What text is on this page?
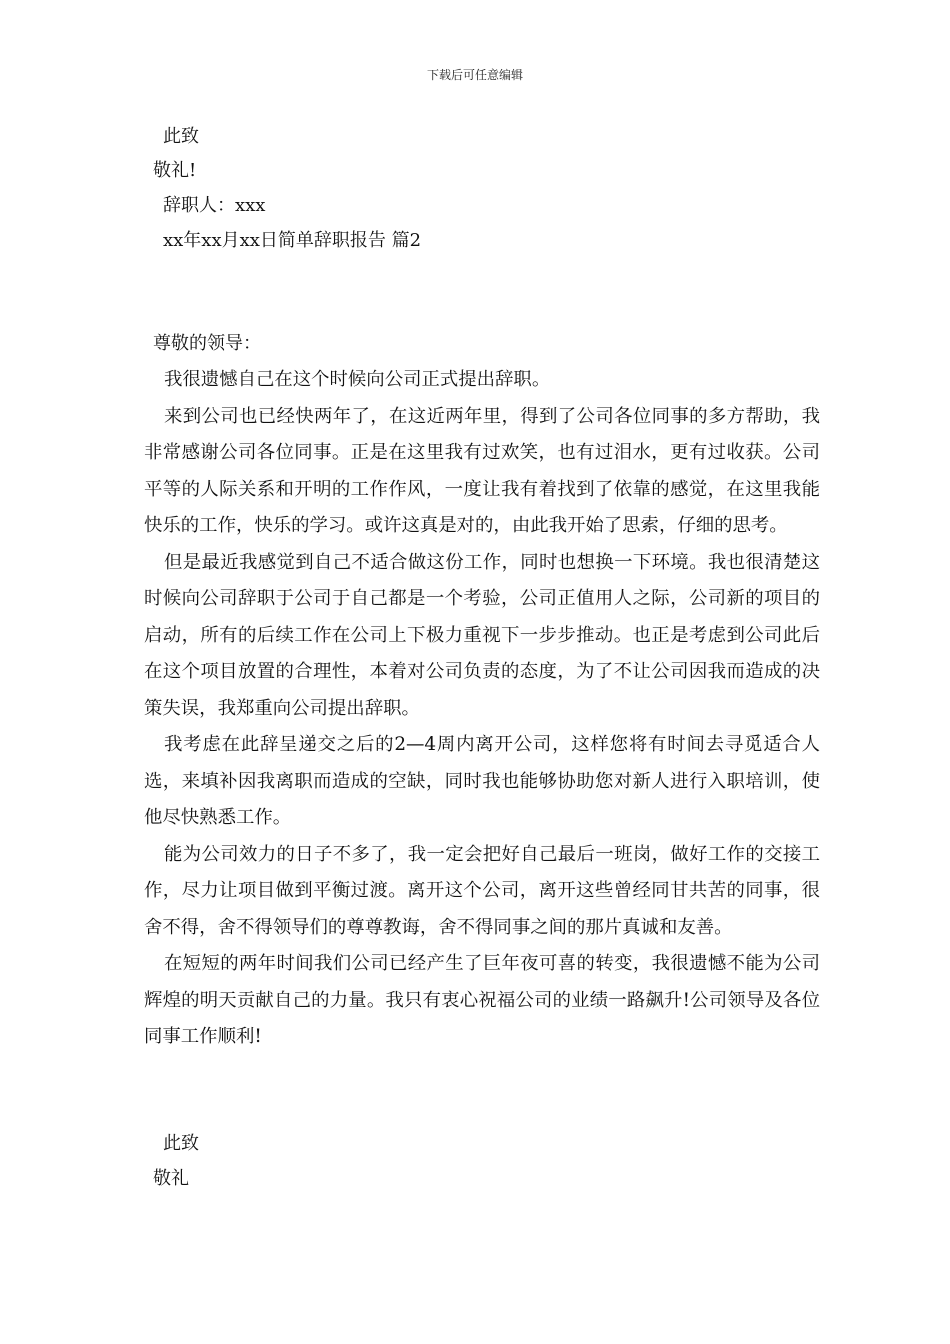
下载后可任意编辑
此致
敬礼!
辞职人：xxx
xx年xx月xx日简单辞职报告 篇2
尊敬的领导：

我很遗憾自己在这个时候向公司正式提出辞职。

来到公司也已经快两年了，在这近两年里，得到了公司各位同事的多方帮助，我非常感谢公司各位同事。正是在这里我有过欢笑，也有过泪水，更有过收获。公司平等的人际关系和开明的工作作风，一度让我有着找到了依靠的感觉，在这里我能快乐的工作，快乐的学习。或许这真是对的，由此我开始了思索，仔细的思考。

但是最近我感觉到自己不适合做这份工作，同时也想换一下环境。我也很清楚这时候向公司辞职于公司于自己都是一个考验，公司正值用人之际，公司新的项目的启动，所有的后续工作在公司上下极力重视下一步步推动。也正是考虑到公司此后在这个项目放置的合理性，本着对公司负责的态度，为了不让公司因我而造成的决策失误，我郑重向公司提出辞职。

我考虑在此辞呈递交之后的2—4周内离开公司，这样您将有时间去寻觅适合人选，来填补因我离职而造成的空缺，同时我也能够协助您对新人进行入职培训，使他尽快熟悉工作。

能为公司效力的日子不多了，我一定会把好自己最后一班岗，做好工作的交接工作，尽力让项目做到平衡过渡。离开这个公司，离开这些曾经同甘共苦的同事，很舍不得，舍不得领导们的尊尊教诲，舍不得同事之间的那片真诚和友善。

在短短的两年时间我们公司已经产生了巨年夜可喜的转变，我很遗憾不能为公司辉煌的明天贡献自己的力量。我只有衷心祝福公司的业绩一路飙升!公司领导及各位同事工作顺利!

此致
敬礼
